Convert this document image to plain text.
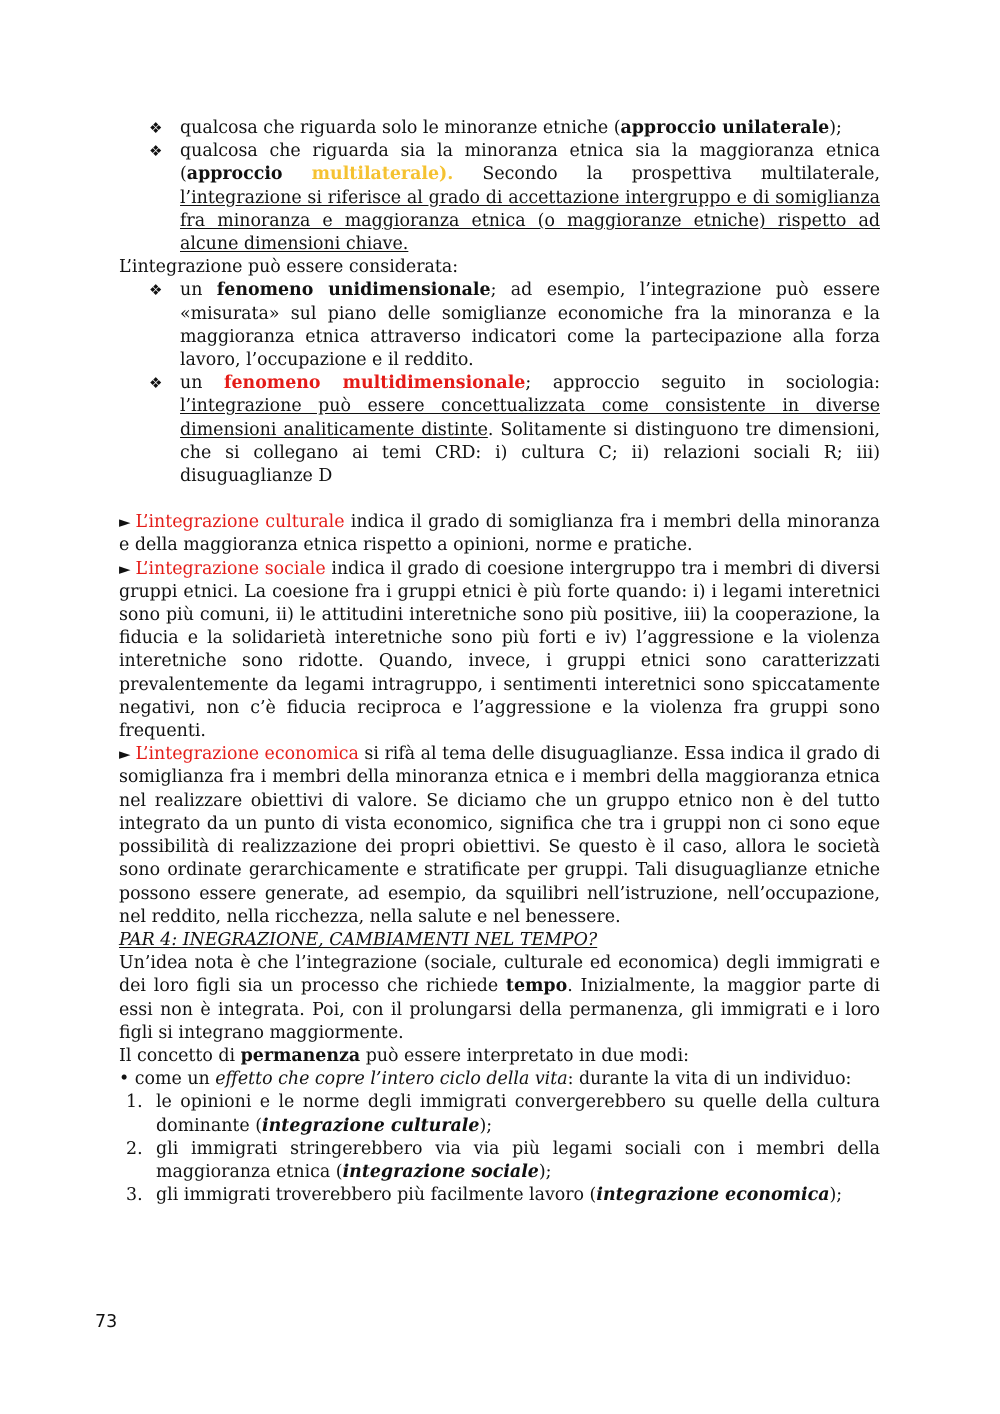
❖ qualcosa che riguarda solo le minoranze etniche (approccio unilaterale);
❖ qualcosa che riguarda sia la minoranza etnica sia la maggioranza etnica (approccio multilaterale). Secondo la prospettiva multilaterale, l’integrazione si riferisce al grado di accettazione intergruppo e di somiglianza fra minoranza e maggioranza etnica (o maggioranze etniche) rispetto ad alcune dimensioni chiave.

L’integrazione può essere considerata:

❖ un fenomeno unidimensionale; ad esempio, l’integrazione può essere «misurata» sul piano delle somiglianze economiche fra la minoranza e la maggioranza etnica attraverso indicatori come la partecipazione alla forza lavoro, l’occupazione e il reddito.
❖ un fenomeno multidimensionale; approccio seguito in sociologia: l’integrazione può essere concettualizzata come consistente in diverse dimensioni analiticamente distinte. Solitamente si distinguono tre dimensioni, che si collegano ai temi CRD: i) cultura C; ii) relazioni sociali R; iii) disuguaglianze D

► L’integrazione culturale indica il grado di somiglianza fra i membri della minoranza e della maggioranza etnica rispetto a opinioni, norme e pratiche.

► L’integrazione sociale indica il grado di coesione intergruppo tra i membri di diversi gruppi etnici. La coesione fra i gruppi etnici è più forte quando: i) i legami interetnici sono più comuni, ii) le attitudini interetniche sono più positive, iii) la cooperazione, la fiducia e la solidarietà interetniche sono più forti e iv) l’aggressione e la violenza interetniche sono ridotte. Quando, invece, i gruppi etnici sono caratterizzati prevalentemente da legami intragruppo, i sentimenti interetnici sono spiccatamente negativi, non c’è fiducia reciproca e l’aggressione e la violenza fra gruppi sono frequenti.

► L’integrazione economica si rifà al tema delle disuguaglianze. Essa indica il grado di somiglianza fra i membri della minoranza etnica e i membri della maggioranza etnica nel realizzare obiettivi di valore. Se diciamo che un gruppo etnico non è del tutto integrato da un punto di vista economico, significa che tra i gruppi non ci sono eque possibilità di realizzazione dei propri obiettivi. Se questo è il caso, allora le società sono ordinate gerarchicamente e stratificate per gruppi. Tali disuguaglianze etniche possono essere generate, ad esempio, da squilibri nell’istruzione, nell’occupazione, nel reddito, nella ricchezza, nella salute e nel benessere.

PAR 4: INEGRAZIONE, CAMBIAMENTI NEL TEMPO?

Un’idea nota è che l’integrazione (sociale, culturale ed economica) degli immigrati e dei loro figli sia un processo che richiede tempo. Inizialmente, la maggior parte di essi non è integrata. Poi, con il prolungarsi della permanenza, gli immigrati e i loro figli si integrano maggiormente.

Il concetto di permanenza può essere interpretato in due modi:

• come un effetto che copre l’intero ciclo della vita: durante la vita di un individuo:

1. le opinioni e le norme degli immigrati convergerebbero su quelle della cultura dominante (integrazione culturale);
2. gli immigrati stringerebbero via via più legami sociali con i membri della maggioranza etnica (integrazione sociale);
3. gli immigrati troverebbero più facilmente lavoro (integrazione economica);
73
